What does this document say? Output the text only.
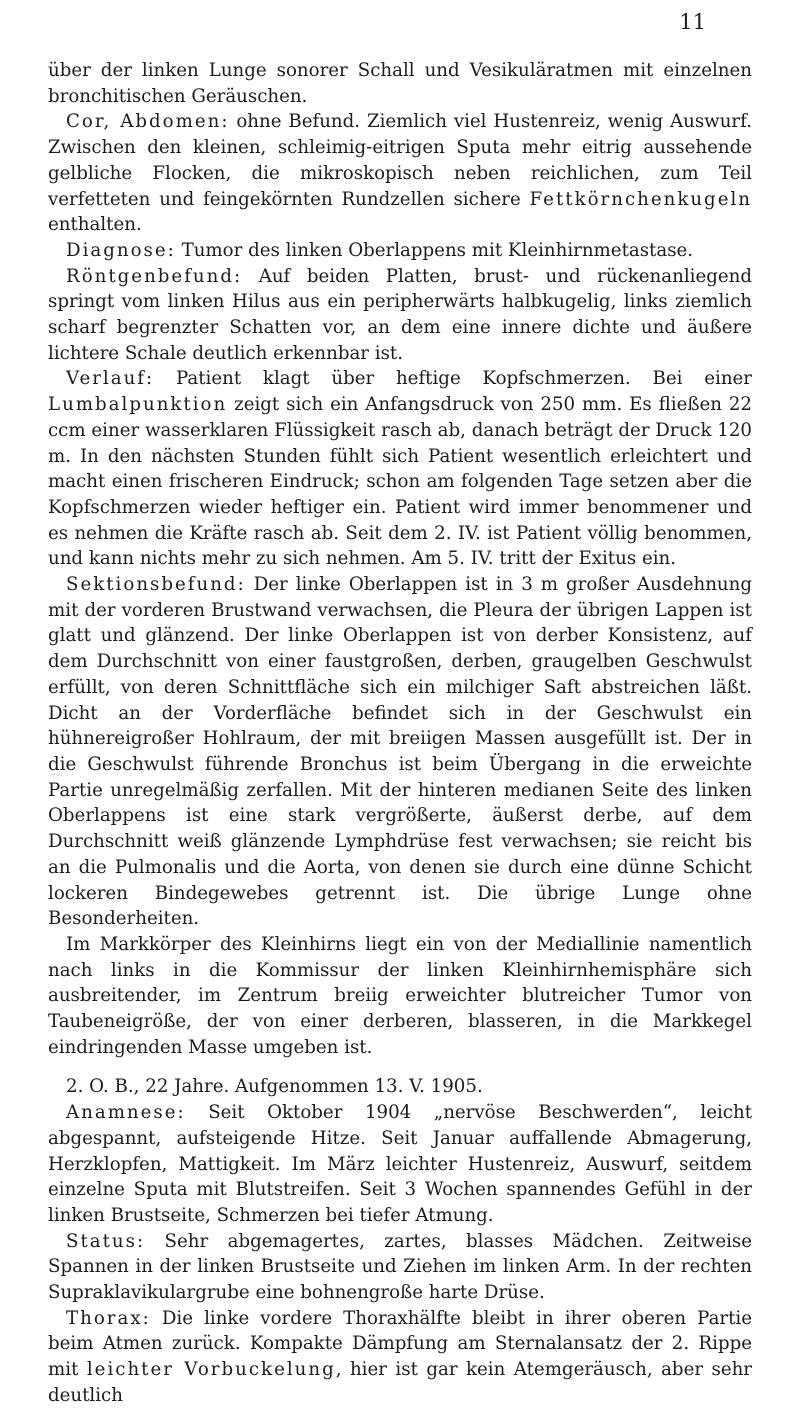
11

über der linken Lunge sonorer Schall und Vesikuläratmen mit einzelnen bronchitischen Geräuschen.

Cor, Abdomen: ohne Befund. Ziemlich viel Hustenreiz, wenig Auswurf. Zwischen den kleinen, schleimig-eitrigen Sputa mehr eitrig aussehende gelbliche Flocken, die mikroskopisch neben reichlichen, zum Teil verfetteten und feingekörnten Rundzellen sichere Fettkörnchenkugeln enthalten.

Diagnose: Tumor des linken Oberlappens mit Kleinhirnmetastase.

Röntgenbefund: Auf beiden Platten, brust- und rückenanliegend springt vom linken Hilus aus ein peripherwärts halbkugelig, links ziemlich scharf begrenzter Schatten vor, an dem eine innere dichte und äußere lichtere Schale deutlich erkennbar ist.

Verlauf: Patient klagt über heftige Kopfschmerzen. Bei einer Lumbalpunktion zeigt sich ein Anfangsdruck von 250 mm. Es fließen 22 ccm einer wasserklaren Flüssigkeit rasch ab, danach beträgt der Druck 120 m. In den nächsten Stunden fühlt sich Patient wesentlich erleichtert und macht einen frischeren Eindruck; schon am folgenden Tage setzen aber die Kopfschmerzen wieder heftiger ein. Patient wird immer benommener und es nehmen die Kräfte rasch ab. Seit dem 2. IV. ist Patient völlig benommen, und kann nichts mehr zu sich nehmen. Am 5. IV. tritt der Exitus ein.

Sektionsbefund: Der linke Oberlappen ist in 3 m großer Ausdehnung mit der vorderen Brustwand verwachsen, die Pleura der übrigen Lappen ist glatt und glänzend. Der linke Oberlappen ist von derber Konsistenz, auf dem Durchschnitt von einer faustgroßen, derben, graugelben Geschwulst erfüllt, von deren Schnittfläche sich ein milchiger Saft abstreichen läßt. Dicht an der Vorderfläche befindet sich in der Geschwulst ein hühnereigroßer Hohlraum, der mit breiigen Massen ausgefüllt ist. Der in die Geschwulst führende Bronchus ist beim Übergang in die erweichte Partie unregelmäßig zerfallen. Mit der hinteren medianen Seite des linken Oberlappens ist eine stark vergrößerte, äußerst derbe, auf dem Durchschnitt weiß glänzende Lymphdrüse fest verwachsen; sie reicht bis an die Pulmonalis und die Aorta, von denen sie durch eine dünne Schicht lockeren Bindegewebes getrennt ist. Die übrige Lunge ohne Besonderheiten.

Im Markkörper des Kleinhirns liegt ein von der Mediallinie namentlich nach links in die Kommissur der linken Kleinhirnhemisphäre sich ausbreitender, im Zentrum breiig erweichter blutreicher Tumor von Taubeneigröße, der von einer derberen, blasseren, in die Markkegel eindringenden Masse umgeben ist.

2. O. B., 22 Jahre. Aufgenommen 13. V. 1905.

Anamnese: Seit Oktober 1904 „nervöse Beschwerden“, leicht abgespannt, aufsteigende Hitze. Seit Januar auffallende Abmagerung, Herzklopfen, Mattigkeit. Im März leichter Hustenreiz, Auswurf, seitdem einzelne Sputa mit Blutstreifen. Seit 3 Wochen spannendes Gefühl in der linken Brustseite, Schmerzen bei tiefer Atmung.

Status: Sehr abgemagertes, zartes, blasses Mädchen. Zeitweise Spannen in der linken Brustseite und Ziehen im linken Arm. In der rechten Supraklavikulargrube eine bohnengroße harte Drüse.

Thorax: Die linke vordere Thoraxhälfte bleibt in ihrer oberen Partie beim Atmen zurück. Kompakte Dämpfung am Sternalansatz der 2. Rippe mit leichter Vorbuckelung, hier ist gar kein Atemgeräusch, aber sehr deutlich
